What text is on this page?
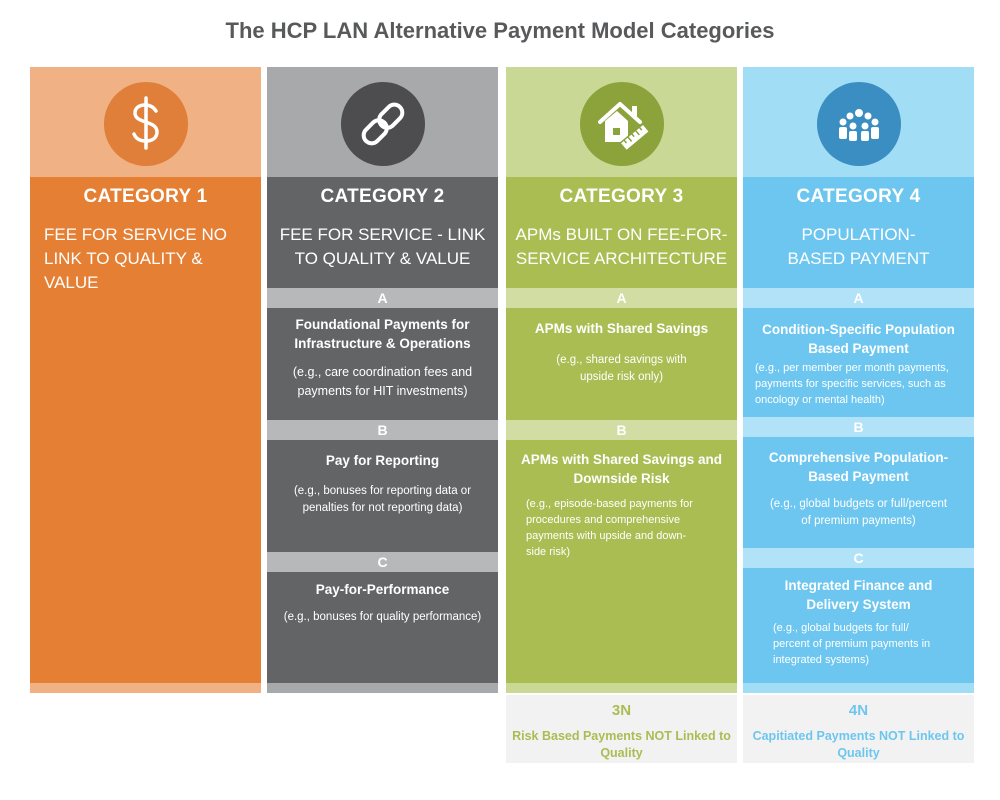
The HCP LAN Alternative Payment Model Categories
CATEGORY 1
FEE FOR SERVICE NO LINK TO QUALITY & VALUE
CATEGORY 2
FEE FOR SERVICE - LINK TO QUALITY & VALUE
A
Foundational Payments for Infrastructure & Operations
(e.g., care coordination fees and payments for HIT investments)
B
Pay for Reporting
(e.g., bonuses for reporting data or penalties for not reporting data)
C
Pay-for-Performance
(e.g., bonuses for quality performance)
CATEGORY 3
APMs BUILT ON FEE-FOR-SERVICE ARCHITECTURE
A
APMs with Shared Savings
(e.g., shared savings with upside risk only)
B
APMs with Shared Savings and Downside Risk
(e.g., episode-based payments for procedures and comprehensive payments with upside and down-side risk)
3N
Risk Based Payments NOT Linked to Quality
CATEGORY 4
POPULATION-BASED PAYMENT
A
Condition-Specific Population Based Payment
(e.g., per member per month payments, payments for specific services, such as oncology or mental health)
B
Comprehensive Population-Based Payment
(e.g., global budgets or full/percent of premium payments)
C
Integrated Finance and Delivery System
(e.g., global budgets for full/ percent of premium payments in integrated systems)
4N
Capitiated Payments NOT Linked to Quality
